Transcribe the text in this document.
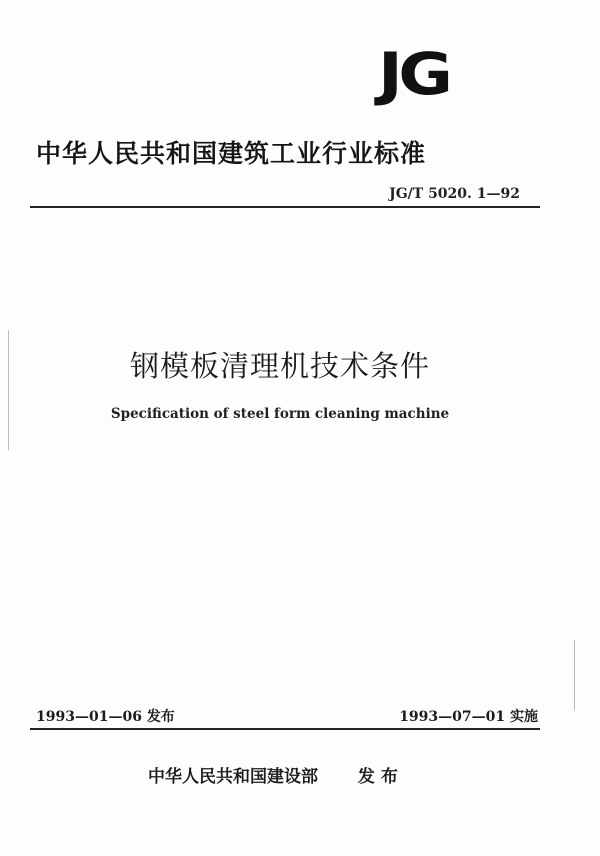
JG
中华人民共和国建筑工业行业标准
JG/T 5020. 1—92
钢模板清理机技术条件
Specification of steel form cleaning machine
1993—01—06 发布	1993—07—01 实施
中华人民共和国建设部 发 布
